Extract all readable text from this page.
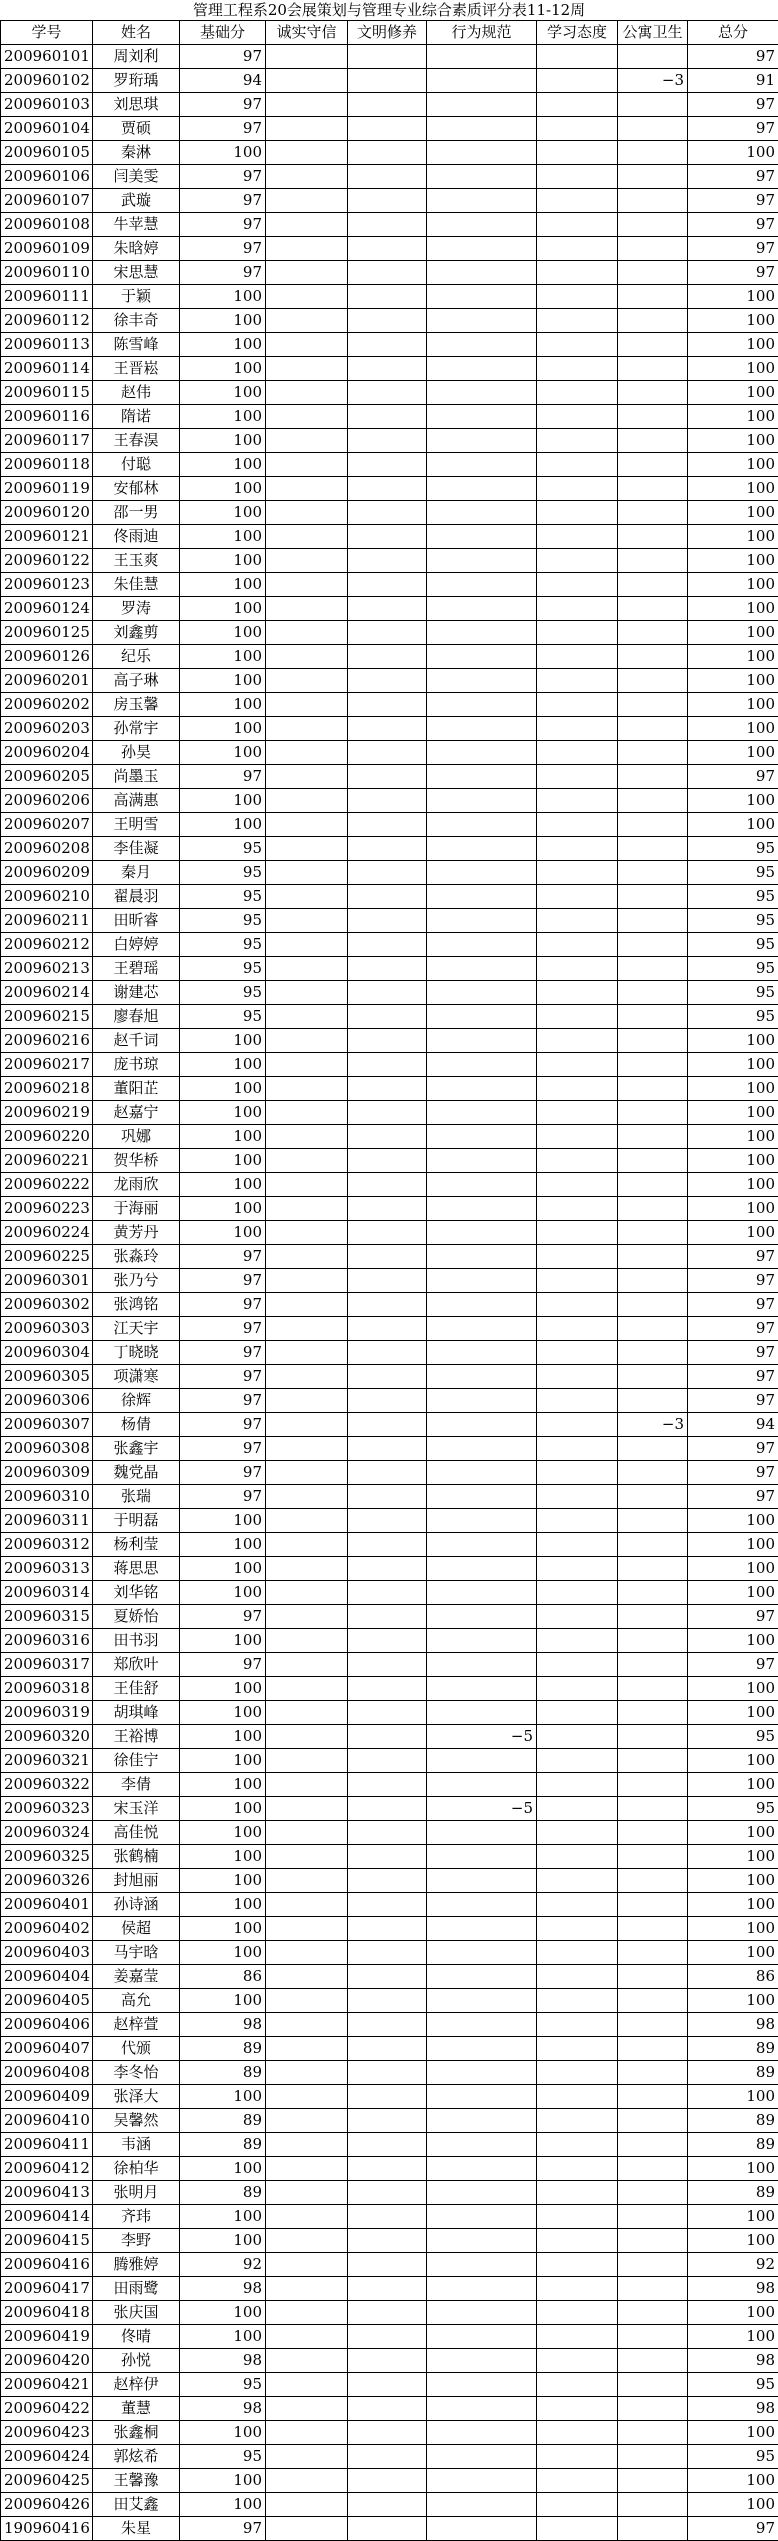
管理工程系20会展策划与管理专业综合素质评分表11-12周
学号	姓名	基础分	诚实守信	文明修养	行为规范	学习态度	公寓卫生	总分
200960101	周刘利	97						97
200960102	罗珩瑀	94					−3	91
200960103	刘思琪	97						97
200960104	贾硕	97						97
200960105	秦淋	100						100
200960106	闫美雯	97						97
200960107	武璇	97						97
200960108	牛苹慧	97						97
200960109	朱晗婷	97						97
200960110	宋思慧	97						97
200960111	于颖	100						100
200960112	徐丰奇	100						100
200960113	陈雪峰	100						100
200960114	王晋崧	100						100
200960115	赵伟	100						100
200960116	隋诺	100						100
200960117	王春淏	100						100
200960118	付聪	100						100
200960119	安郁林	100						100
200960120	邵一男	100						100
200960121	佟雨迪	100						100
200960122	王玉爽	100						100
200960123	朱佳慧	100						100
200960124	罗涛	100						100
200960125	刘鑫剪	100						100
200960126	纪乐	100						100
200960201	高子琳	100						100
200960202	房玉馨	100						100
200960203	孙常宇	100						100
200960204	孙昊	100						100
200960205	尚墨玉	97						97
200960206	高满惠	100						100
200960207	王明雪	100						100
200960208	李佳凝	95						95
200960209	秦月	95						95
200960210	翟晨羽	95						95
200960211	田昕睿	95						95
200960212	白婷婷	95						95
200960213	王碧瑶	95						95
200960214	谢建芯	95						95
200960215	廖春旭	95						95
200960216	赵千词	100						100
200960217	庞书琼	100						100
200960218	董阳芷	100						100
200960219	赵嘉宁	100						100
200960220	巩娜	100						100
200960221	贺华桥	100						100
200960222	龙雨欣	100						100
200960223	于海丽	100						100
200960224	黄芳丹	100						100
200960225	张淼玲	97						97
200960301	张乃兮	97						97
200960302	张鸿铭	97						97
200960303	江天宇	97						97
200960304	丁晓晓	97						97
200960305	项潇寒	97						97
200960306	徐辉	97						97
200960307	杨倩	97					−3	94
200960308	张鑫宇	97						97
200960309	魏党晶	97						97
200960310	张瑞	97						97
200960311	于明磊	100						100
200960312	杨利莹	100						100
200960313	蒋思思	100						100
200960314	刘华铭	100						100
200960315	夏娇怡	97						97
200960316	田书羽	100						100
200960317	郑欣叶	97						97
200960318	王佳舒	100						100
200960319	胡琪峰	100						100
200960320	王裕博	100			−5			95
200960321	徐佳宁	100						100
200960322	李倩	100						100
200960323	宋玉洋	100			−5			95
200960324	高佳悦	100						100
200960325	张鹤楠	100						100
200960326	封旭丽	100						100
200960401	孙诗涵	100						100
200960402	侯超	100						100
200960403	马宇晗	100						100
200960404	姜嘉莹	86						86
200960405	高允	100						100
200960406	赵梓萱	98						98
200960407	代颁	89						89
200960408	李冬怡	89						89
200960409	张泽大	100						100
200960410	吴馨然	89						89
200960411	韦涵	89						89
200960412	徐柏华	100						100
200960413	张明月	89						89
200960414	齐玮	100						100
200960415	李野	100						100
200960416	腾雅婷	92						92
200960417	田雨鹭	98						98
200960418	张庆国	100						100
200960419	佟晴	100						100
200960420	孙悦	98						98
200960421	赵梓伊	95						95
200960422	董慧	98						98
200960423	张鑫桐	100						100
200960424	郭炫希	95						95
200960425	王馨豫	100						100
200960426	田艾鑫	100						100
190960416	朱星	97						97
